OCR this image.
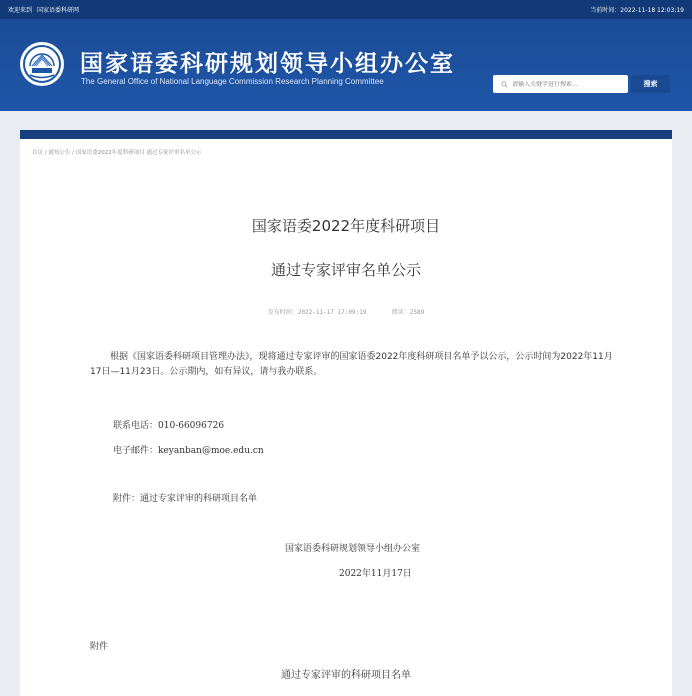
欢迎来到 国家语委科研网	当前时间：2022-11-18 12:03:19
国家语委科研规划领导小组办公室
The General Office of National Language Commission Research Planning Committee
请输入关键字进行搜索...	搜索
首页 / 通知公告 / 国家语委2022年度科研项目 通过专家评审名单公示
国家语委2022年度科研项目
通过专家评审名单公示
发布时间：2022-11-17 17:09:19	阅读：2589
根据《国家语委科研项目管理办法》，现将通过专家评审的国家语委2022年度科研项目名单予以公示，公示时间为2022年11月17日—11月23日。公示期内，如有异议，请与我办联系。
联系电话：010-66096726
电子邮件：keyanban@moe.edu.cn
附件：通过专家评审的科研项目名单
国家语委科研规划领导小组办公室
2022年11月17日
附件
通过专家评审的科研项目名单
